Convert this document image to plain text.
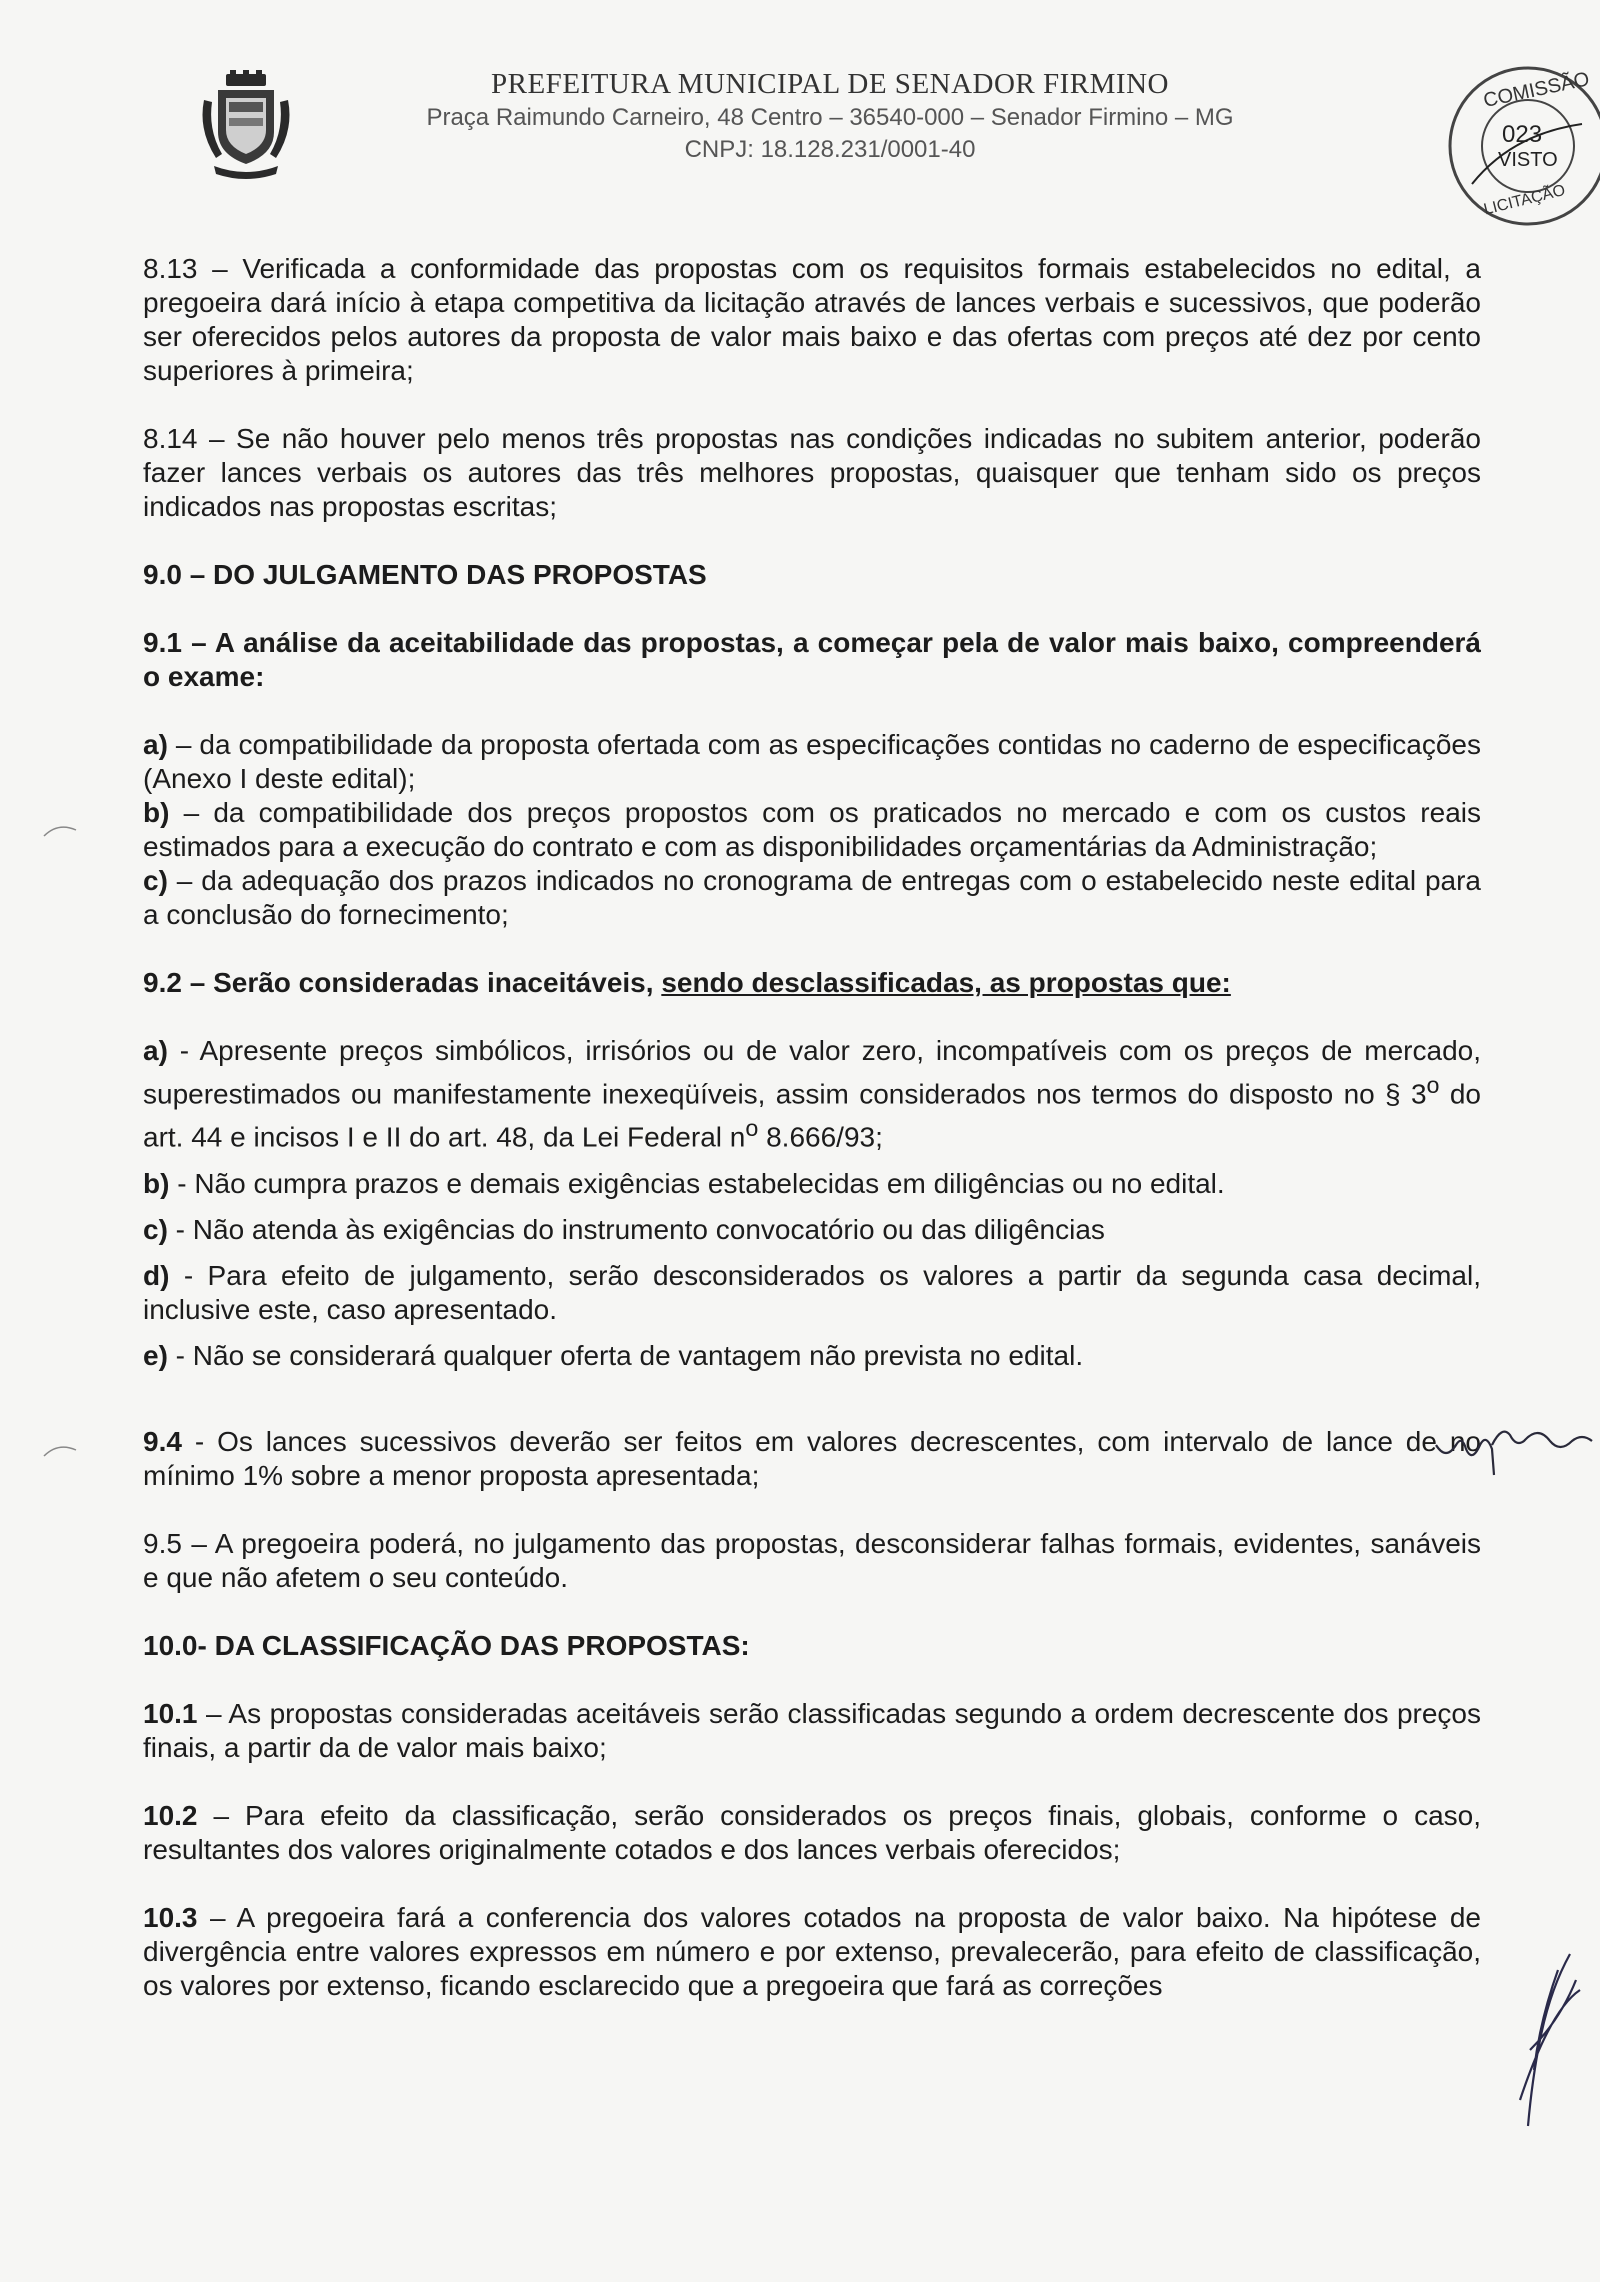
PREFEITURA MUNICIPAL DE SENADOR FIRMINO
Praça Raimundo Carneiro, 48 Centro – 36540-000 – Senador Firmino – MG
CNPJ: 18.128.231/0001-40
COMISSÃO
023
VISTO
LICITAÇÃO

8.13 – Verificada a conformidade das propostas com os requisitos formais estabelecidos no edital, a pregoeira dará início à etapa competitiva da licitação através de lances verbais e sucessivos, que poderão ser oferecidos pelos autores da proposta de valor mais baixo e das ofertas com preços até dez por cento superiores à primeira;

8.14 – Se não houver pelo menos três propostas nas condições indicadas no subitem anterior, poderão fazer lances verbais os autores das três melhores propostas, quaisquer que tenham sido os preços indicados nas propostas escritas;

9.0 – DO JULGAMENTO DAS PROPOSTAS

9.1 – A análise da aceitabilidade das propostas, a começar pela de valor mais baixo, compreenderá o exame:

a) – da compatibilidade da proposta ofertada com as especificações contidas no caderno de especificações (Anexo I deste edital);

b) – da compatibilidade dos preços propostos com os praticados no mercado e com os custos reais estimados para a execução do contrato e com as disponibilidades orçamentárias da Administração;

c) – da adequação dos prazos indicados no cronograma de entregas com o estabelecido neste edital para a conclusão do fornecimento;

9.2 – Serão consideradas inaceitáveis, sendo desclassificadas, as propostas que:

a) - Apresente preços simbólicos, irrisórios ou de valor zero, incompatíveis com os preços de mercado, superestimados ou manifestamente inexeqüíveis, assim considerados nos termos do disposto no § 3$^o$ do art. 44 e incisos I e II do art. 48, da Lei Federal $n^o$ 8.666/93;

b) - Não cumpra prazos e demais exigências estabelecidas em diligências ou no edital.

c) - Não atenda às exigências do instrumento convocatório ou das diligências

d) - Para efeito de julgamento, serão desconsiderados os valores a partir da segunda casa decimal, inclusive este, caso apresentado.

e) - Não se considerará qualquer oferta de vantagem não prevista no edital.

9.4 - Os lances sucessivos deverão ser feitos em valores decrescentes, com intervalo de lance de no mínimo 1% sobre a menor proposta apresentada;

9.5 – A pregoeira poderá, no julgamento das propostas, desconsiderar falhas formais, evidentes, sanáveis e que não afetem o seu conteúdo.

10.0- DA CLASSIFICAÇÃO DAS PROPOSTAS:

10.1 – As propostas consideradas aceitáveis serão classificadas segundo a ordem decrescente dos preços finais, a partir da de valor mais baixo;

10.2 – Para efeito da classificação, serão considerados os preços finais, globais, conforme o caso, resultantes dos valores originalmente cotados e dos lances verbais oferecidos;

10.3 – A pregoeira fará a conferencia dos valores cotados na proposta de valor baixo. Na hipótese de divergência entre valores expressos em número e por extenso, prevalecerão, para efeito de classificação, os valores por extenso, ficando esclarecido que a pregoeira que fará as correções
